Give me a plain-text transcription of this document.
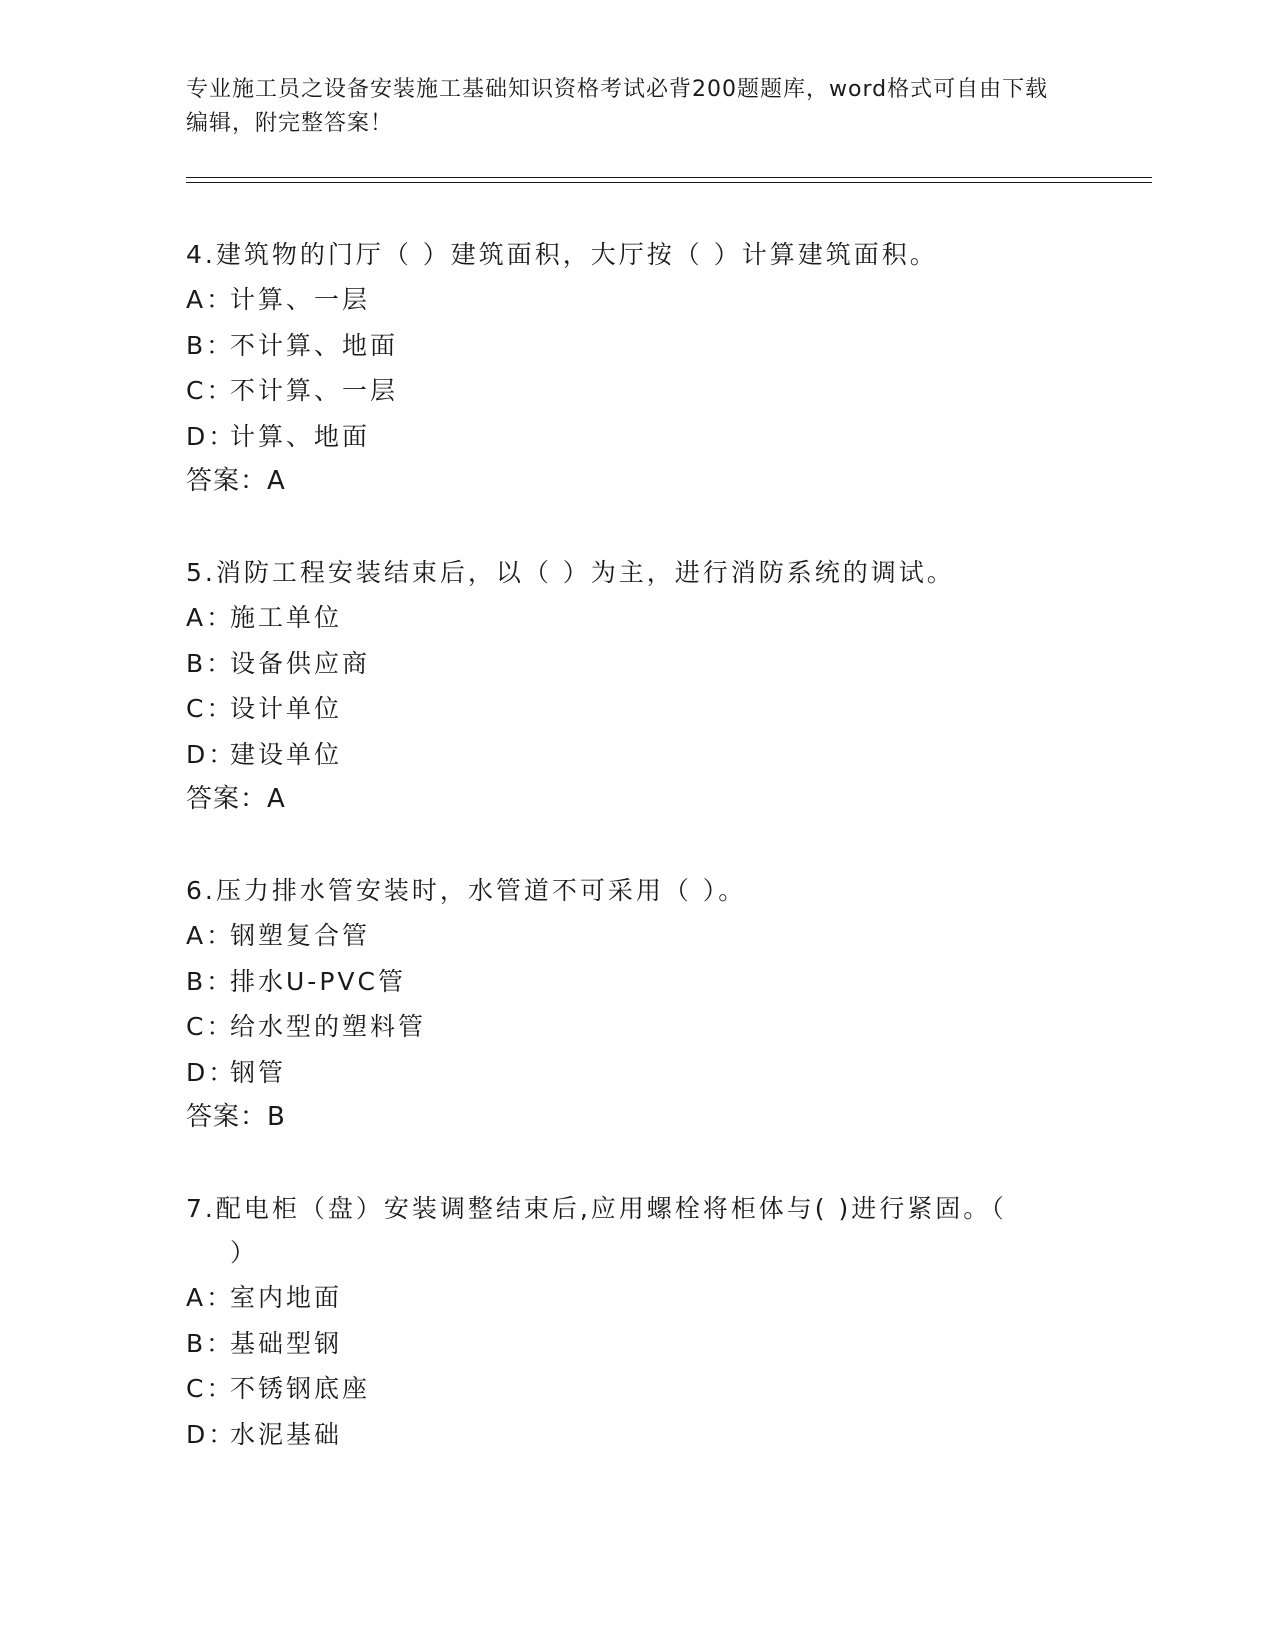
专业施工员之设备安装施工基础知识资格考试必背200题题库，word格式可自由下载编辑，附完整答案！

4.建筑物的门厅（ ）建筑面积，大厅按（ ）计算建筑面积。

A：
计算、一层

B：
不计算、地面

C：
不计算、一层

D：
计算、地面

答案：A

5.消防工程安装结束后，以（ ）为主，进行消防系统的调试。

A：
施工单位

B：
设备供应商

C：
设计单位

D：
建设单位

答案：A

6.压力排水管安装时，水管道不可采用（ ）。

A：
钢塑复合管

B：
排水U-PVC管

C：
给水型的塑料管

D：
钢管

答案：B

7.配电柜（盘）安装调整结束后,应用螺栓将柜体与( )进行紧固。（
）

A：
室内地面

B：
基础型钢

C：
不锈钢底座

D：
水泥基础
